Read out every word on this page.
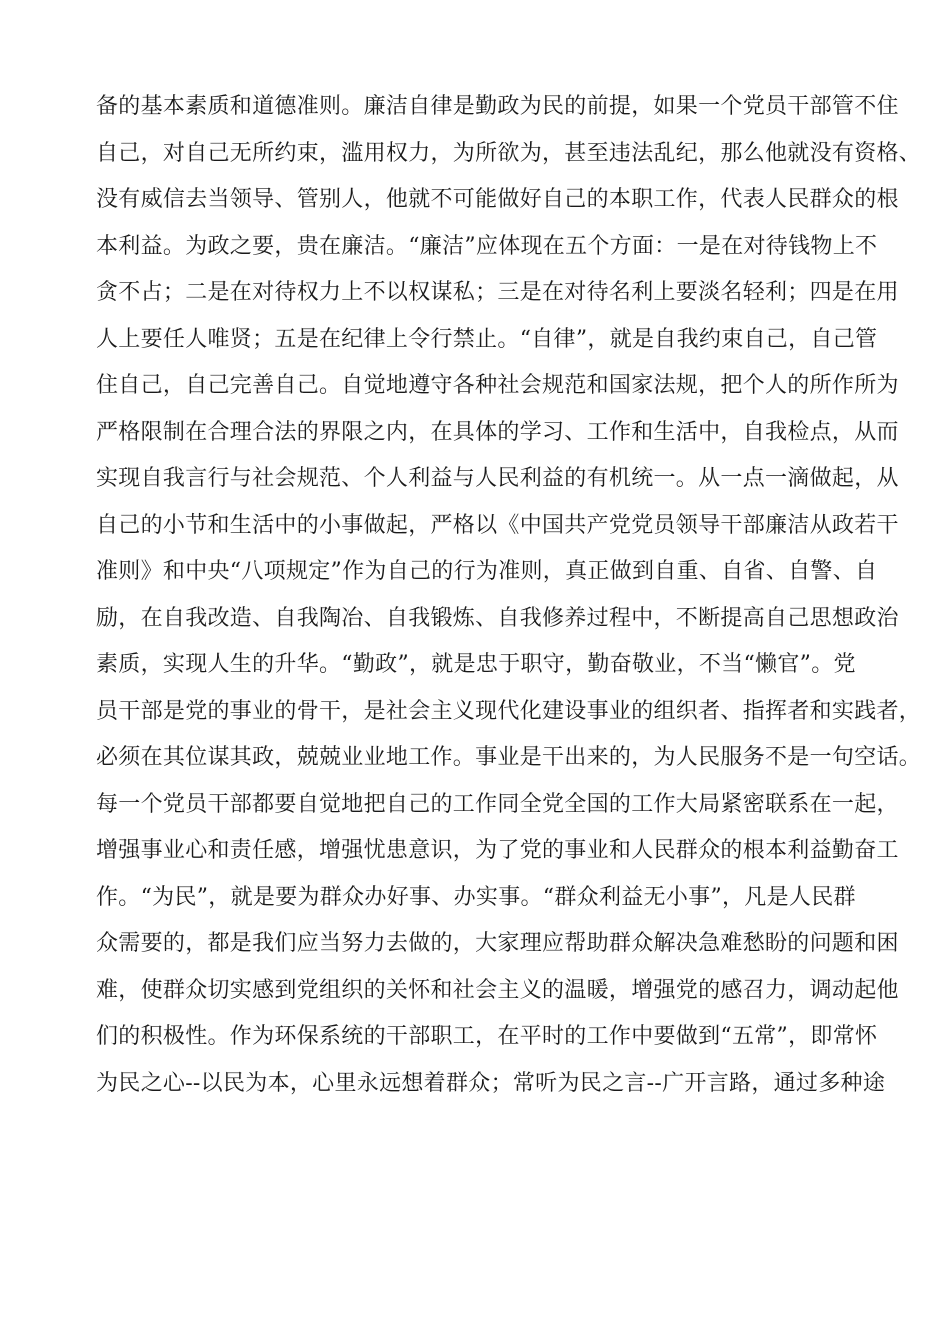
备的基本素质和道德准则。廉洁自律是勤政为民的前提，如果一个党员干部管不住
自己，对自己无所约束，滥用权力，为所欲为，甚至违法乱纪，那么他就没有资格、
没有威信去当领导、管别人，他就不可能做好自己的本职工作，代表人民群众的根
本利益。为政之要，贵在廉洁。“廉洁”应体现在五个方面：一是在对待钱物上不
贪不占；二是在对待权力上不以权谋私；三是在对待名利上要淡名轻利；四是在用
人上要任人唯贤；五是在纪律上令行禁止。“自律”，就是自我约束自己，自己管
住自己，自己完善自己。自觉地遵守各种社会规范和国家法规，把个人的所作所为
严格限制在合理合法的界限之内，在具体的学习、工作和生活中，自我检点，从而
实现自我言行与社会规范、个人利益与人民利益的有机统一。从一点一滴做起，从
自己的小节和生活中的小事做起，严格以《中国共产党党员领导干部廉洁从政若干
准则》和中央“八项规定”作为自己的行为准则，真正做到自重、自省、自警、自
励，在自我改造、自我陶冶、自我锻炼、自我修养过程中，不断提高自己思想政治
素质，实现人生的升华。“勤政”，就是忠于职守，勤奋敬业，不当“懒官”。党
员干部是党的事业的骨干，是社会主义现代化建设事业的组织者、指挥者和实践者，
必须在其位谋其政，兢兢业业地工作。事业是干出来的，为人民服务不是一句空话。
每一个党员干部都要自觉地把自己的工作同全党全国的工作大局紧密联系在一起，
增强事业心和责任感，增强忧患意识，为了党的事业和人民群众的根本利益勤奋工
作。“为民”，就是要为群众办好事、办实事。“群众利益无小事”，凡是人民群
众需要的，都是我们应当努力去做的，大家理应帮助群众解决急难愁盼的问题和困
难，使群众切实感到党组织的关怀和社会主义的温暖，增强党的感召力，调动起他
们的积极性。作为环保系统的干部职工，在平时的工作中要做到“五常”，即常怀
为民之心--以民为本，心里永远想着群众；常听为民之言--广开言路，通过多种途
